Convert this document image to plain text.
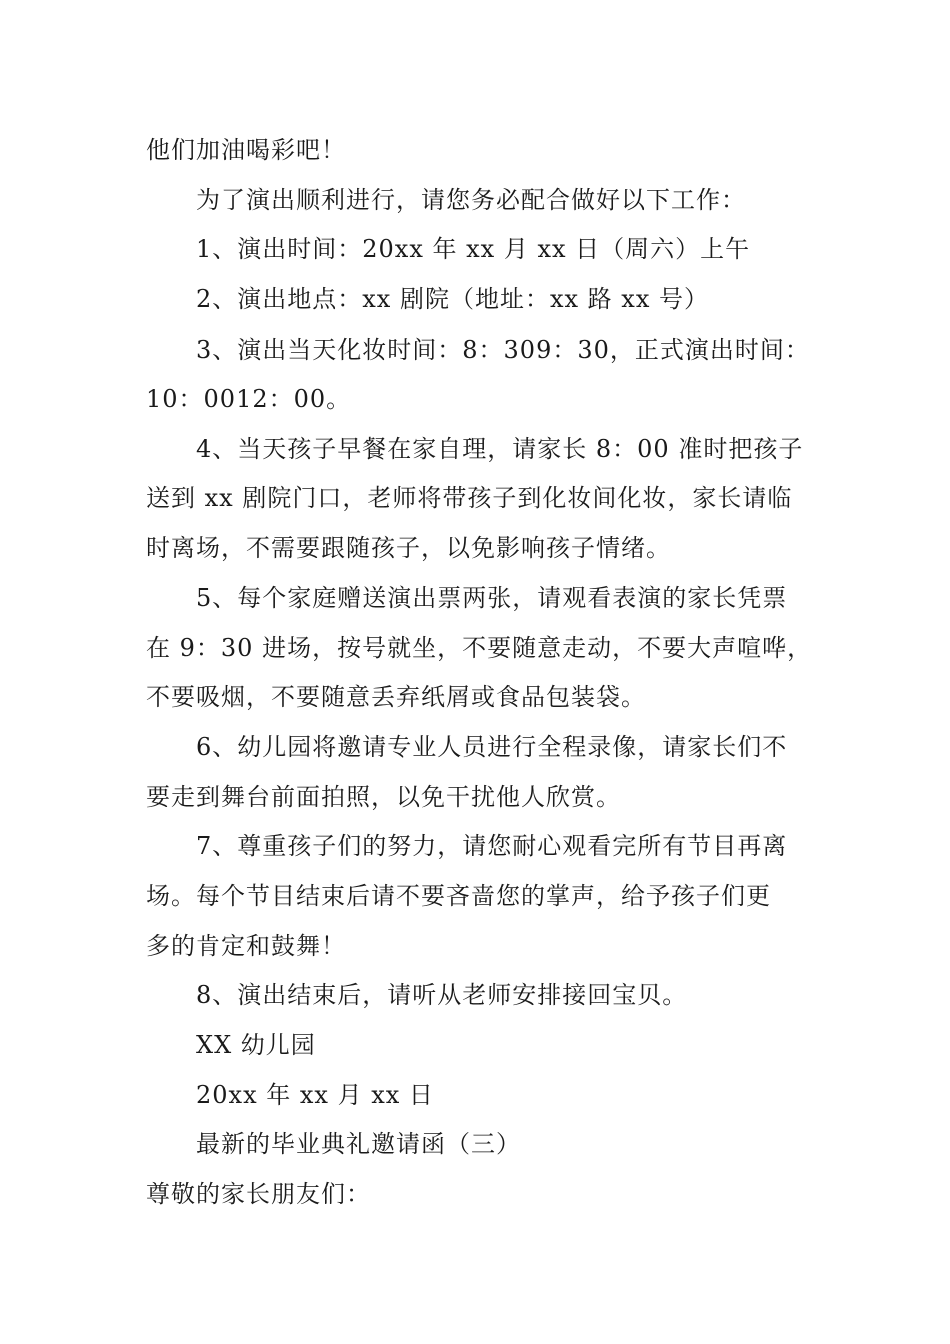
他们加油喝彩吧！
为了演出顺利进行，请您务必配合做好以下工作：
1、演出时间：20xx 年 xx 月 xx 日（周六）上午
2、演出地点：xx 剧院（地址：xx 路 xx 号）
3、演出当天化妆时间：8：309：30，正式演出时间：
10：0012：00。
4、当天孩子早餐在家自理，请家长 8：00 准时把孩子
送到 xx 剧院门口，老师将带孩子到化妆间化妆，家长请临
时离场，不需要跟随孩子，以免影响孩子情绪。
5、每个家庭赠送演出票两张，请观看表演的家长凭票
在 9：30 进场，按号就坐，不要随意走动，不要大声喧哗，
不要吸烟，不要随意丢弃纸屑或食品包装袋。
6、幼儿园将邀请专业人员进行全程录像，请家长们不
要走到舞台前面拍照，以免干扰他人欣赏。
7、尊重孩子们的努力，请您耐心观看完所有节目再离
场。每个节目结束后请不要吝啬您的掌声，给予孩子们更
多的肯定和鼓舞！
8、演出结束后，请听从老师安排接回宝贝。
XX 幼儿园
20xx 年 xx 月 xx 日
最新的毕业典礼邀请函（三）
尊敬的家长朋友们：
